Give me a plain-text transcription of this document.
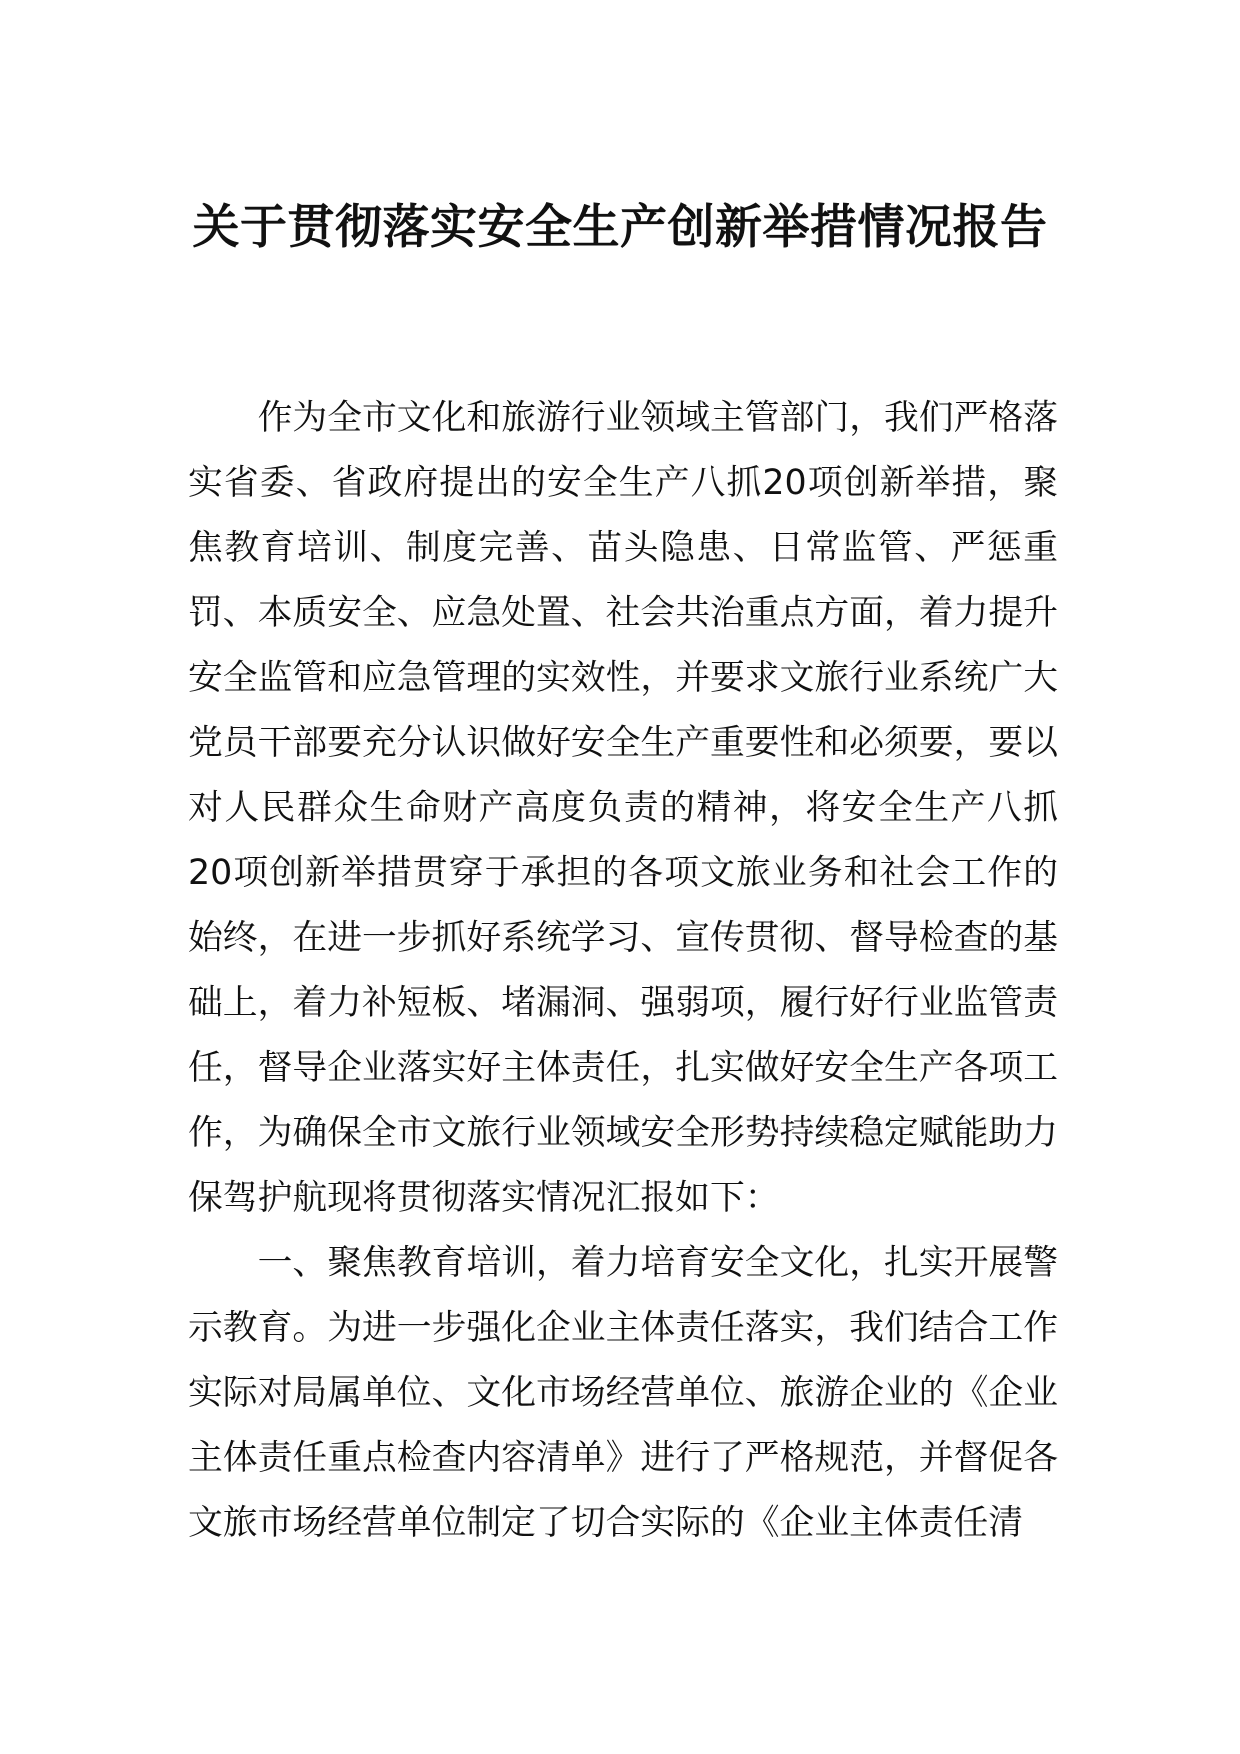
关于贯彻落实安全生产创新举措情况报告

作为全市文化和旅游行业领域主管部门，我们严格落实省委、省政府提出的安全生产八抓20项创新举措，聚焦教育培训、制度完善、苗头隐患、日常监管、严惩重罚、本质安全、应急处置、社会共治重点方面，着力提升安全监管和应急管理的实效性，并要求文旅行业系统广大党员干部要充分认识做好安全生产重要性和必须要，要以对人民群众生命财产高度负责的精神，将安全生产八抓20项创新举措贯穿于承担的各项文旅业务和社会工作的始终，在进一步抓好系统学习、宣传贯彻、督导检查的基础上，着力补短板、堵漏洞、强弱项，履行好行业监管责任，督导企业落实好主体责任，扎实做好安全生产各项工作，为确保全市文旅行业领域安全形势持续稳定赋能助力保驾护航现将贯彻落实情况汇报如下：

一、聚焦教育培训，着力培育安全文化，扎实开展警示教育。为进一步强化企业主体责任落实，我们结合工作实际对局属单位、文化市场经营单位、旅游企业的《企业主体责任重点检查内容清单》进行了严格规范，并督促各文旅市场经营单位制定了切合实际的《企业主体责任清
